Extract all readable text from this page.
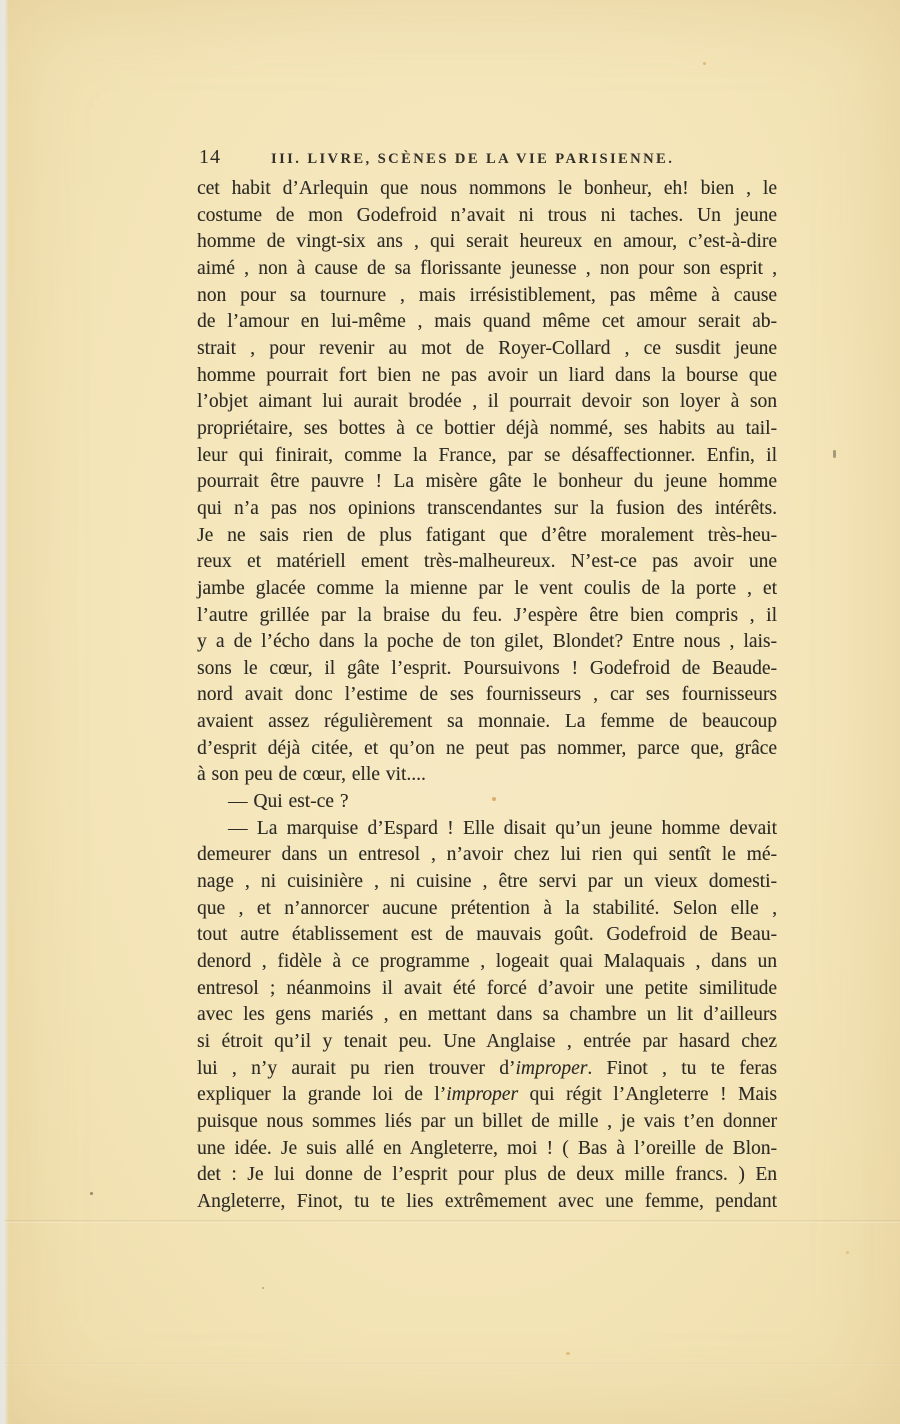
14	III. LIVRE, SCÈNES DE LA VIE PARISIENNE.
cet habit d’Arlequin que nous nommons le bonheur, eh! bien , le
costume de mon Godefroid n’avait ni trous ni taches. Un jeune
homme de vingt-six ans , qui serait heureux en amour, c’est-à-dire
aimé , non à cause de sa florissante jeunesse , non pour son esprit ,
non pour sa tournure , mais irrésistiblement, pas même à cause
de l’amour en lui-même , mais quand même cet amour serait ab-
strait , pour revenir au mot de Royer-Collard , ce susdit jeune
homme pourrait fort bien ne pas avoir un liard dans la bourse que
l’objet aimant lui aurait brodée , il pourrait devoir son loyer à son
propriétaire, ses bottes à ce bottier déjà nommé, ses habits au tail-
leur qui finirait, comme la France, par se désaffectionner. Enfin, il
pourrait être pauvre ! La misère gâte le bonheur du jeune homme
qui n’a pas nos opinions transcendantes sur la fusion des intérêts.
Je ne sais rien de plus fatigant que d’être moralement très-heu-
reux et matériell ement très-malheureux. N’est-ce pas avoir une
jambe glacée comme la mienne par le vent coulis de la porte , et
l’autre grillée par la braise du feu. J’espère être bien compris , il
y a de l’écho dans la poche de ton gilet, Blondet? Entre nous , lais-
sons le cœur, il gâte l’esprit. Poursuivons ! Godefroid de Beaude-
nord avait donc l’estime de ses fournisseurs , car ses fournisseurs
avaient assez régulièrement sa monnaie. La femme de beaucoup
d’esprit déjà citée, et qu’on ne peut pas nommer, parce que, grâce
à son peu de cœur, elle vit....
— Qui est-ce ?
— La marquise d’Espard ! Elle disait qu’un jeune homme devait
demeurer dans un entresol , n’avoir chez lui rien qui sentît le mé-
nage , ni cuisinière , ni cuisine , être servi par un vieux domesti-
que , et n’annorcer aucune prétention à la stabilité. Selon elle ,
tout autre établissement est de mauvais goût. Godefroid de Beau-
denord , fidèle à ce programme , logeait quai Malaquais , dans un
entresol ; néanmoins il avait été forcé d’avoir une petite similitude
avec les gens mariés , en mettant dans sa chambre un lit d’ailleurs
si étroit qu’il y tenait peu. Une Anglaise , entrée par hasard chez
lui , n’y aurait pu rien trouver d’improper. Finot , tu te feras
expliquer la grande loi de l’improper qui régit l’Angleterre ! Mais
puisque nous sommes liés par un billet de mille , je vais t’en donner
une idée. Je suis allé en Angleterre, moi ! ( Bas à l’oreille de Blon-
det : Je lui donne de l’esprit pour plus de deux mille francs. ) En
Angleterre, Finot, tu te lies extrêmement avec une femme, pendant
